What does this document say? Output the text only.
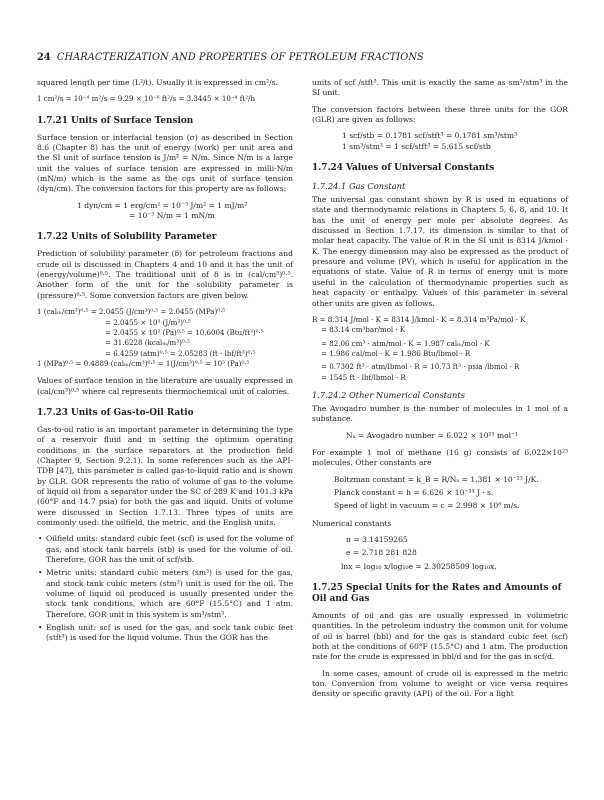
24 CHARACTERIZATION AND PROPERTIES OF PETROLEUM FRACTIONS

squared length per time (L²/t). Usually it is expressed in cm²/s.

1 cm²/s = 10⁻⁴ m²/s = 9.29 × 10⁻⁶ ft²/s = 3.3445 × 10⁻⁴ ft²/h
1.7.21 Units of Surface Tension

Surface tension or interfacial tension (σ) as described in Section 8.6 (Chapter 8) has the unit of energy (work) per unit area and the SI unit of surface tension is J/m² = N/m. Since N/m is a large unit the values of surface tension are expressed in milli-N/m (mN/m) which is the same as the cgs unit of surface tension (dyn/cm). The conversion factors for this property are as follows:

1 dyn/cm = 1 erg/cm² = 10⁻³ J/m² = 1 mJ/m²
= 10⁻³ N/m = 1 mN/m
1.7.22 Units of Solubility Parameter

Prediction of solubility parameter (δ) for petroleum fractions and crude oil is discussed in Chapters 4 and 10 and it has the unit of (energy/volume)⁰·⁵. The traditional unit of δ is in (cal/cm³)⁰·⁵. Another form of the unit for the solubility parameter is (pressure)⁰·⁵. Some conversion factors are given below.

1 (calₜₕ/cm³)⁰·⁵ = 2.0455 (J/cm³)⁰·⁵ = 2.0455 (MPa)⁰·⁵
= 2.0455 × 10³ (J/m³)⁰·⁵
= 2.0455 × 10³ (Pa)⁰·⁵ = 10.6004 (Btu/ft³)⁰·⁵
= 31.6228 (kcalₜₕ/m³)⁰·⁵
= 6.4259 (atm)⁰·⁵ = 2.05283 (ft · lbf/ft³)⁰·⁵
1 (MPa)⁰·⁵ = 0.4889 (calₜₕ/cm³)⁰·⁵ = 1(J/cm³)⁰·⁵ = 10³ (Pa)⁰·⁵

Values of surface tension in the literature are usually expressed in (cal/cm³)⁰·⁵ where cal represents thermochemical unit of calories.

1.7.23 Units of Gas-to-Oil Ratio

Gas-to-oil ratio is an important parameter in determining the type of a reservoir fluid and in setting the optimum operating conditions in the surface separators at the production field (Chapter 9, Section 9.2.1). In some references such as the API-TDB [47], this parameter is called gas-to-liquid ratio and is shown by GLR. GOR represents the ratio of volume of gas to the volume of liquid oil from a separator under the SC of 289 K and 101.3 kPa (60°F and 14.7 psia) for both the gas and liquid. Units of volume were discussed in Section 1.7.13. Three types of units are commonly used: the oilfield, the metric, and the English units.

• Oilfield units: standard cubic feet (scf) is used for the volume of gas, and stock tank barrels (stb) is used for the volume of oil. Therefore, GOR has the unit of scf/stb.
• Metric units: standard cubic meters (sm³) is used for the gas, and stock tank cubic meters (stm³) unit is used for the oil. The volume of liquid oil produced is usually presented under the stock tank conditions, which are 60°F (15.5°C) and 1 atm. Therefore, GOR unit in this system is sm³/stm³.
• English unit: scf is used for the gas, and sock tank cubic feet (stft³) is used for the liquid volume. Thus the GOR has the

units of scf /stft³. This unit is exactly the same as sm³/stm³ in the SI unit.

The conversion factors between these three units for the GOR (GLR) are given as follows:

1 scf/stb = 0.1781 scf/stft³ = 0.1781 sm³/stm³
1 sm³/stm³ = 1 scf/stft³ = 5.615 scf/stb
1.7.24 Values of Universal Constants
1.7.24.1 Gas Constant

The universal gas constant shown by R is used in equations of state and thermodynamic relations in Chapters 5, 6, 8, and 10. It has the unit of energy per mole per absolute degrees. As discussed in Section 1.7.17, its dimension is similar to that of molar heat capacity. The value of R in the SI unit is 8314 J/kmol · K. The energy dimension may also be expressed as the product of pressure and volume (PV), which is useful for application in the equations of state. Value of R in terms of energy unit is more useful in the calculation of thermodynamic properties such as heat capacity or enthalpy. Values of this parameter in several other units are given as follows.

R = 8.314 J/mol · K = 8314 J/kmol · K = 8.314 m³Pa/mol · K
= 83.14 cm³bar/mol · K
= 82.06 cm³ · atm/mol · K = 1.987 calₜₕ/mol · K
= 1.986 cal/mol · K = 1.986 Btu/lbmol · R
= 0.7302 ft³ · atm/lbmol · R = 10.73 ft³ · psia /lbmol · R
= 1545 ft · lbf/lbmol · R
1.7.24.2 Other Numerical Constants

The Avogadro number is the number of molecules in 1 mol of a substance.

Nₐ = Avogadro number = 6.022 × 10²³ mol⁻¹

For example 1 mol of methane (16 g) consists of 6.022×10²³ molecules. Other constants are

Boltzman constant = k_B = R/Nₐ = 1.381 × 10⁻²³ J/K.
Planck constant = h = 6.626 × 10⁻³⁴ J · s.
Speed of light in vacuum = c = 2.998 × 10⁸ m/s.

Numerical constants

π = 3.14159265
e = 2.718 281 828
lnx = log₁₀ x/log₁₀e = 2.30258509 log₁₀x.
1.7.25 Special Units for the Rates and Amounts of Oil and Gas

Amounts of oil and gas are usually expressed in volumetric quantities. In the petroleum industry the common unit for volume of oil is barrel (bbl) and for the gas is standard cubic feet (scf) both at the conditions of 60°F (15.5°C) and 1 atm. The production rate for the crude is expressed in bbl/d and for the gas in scf/d.

In some cases, amount of crude oil is expressed in the metric ton. Conversion from volume to weight or vice versa requires density or specific gravity (API) of the oil. For a light
